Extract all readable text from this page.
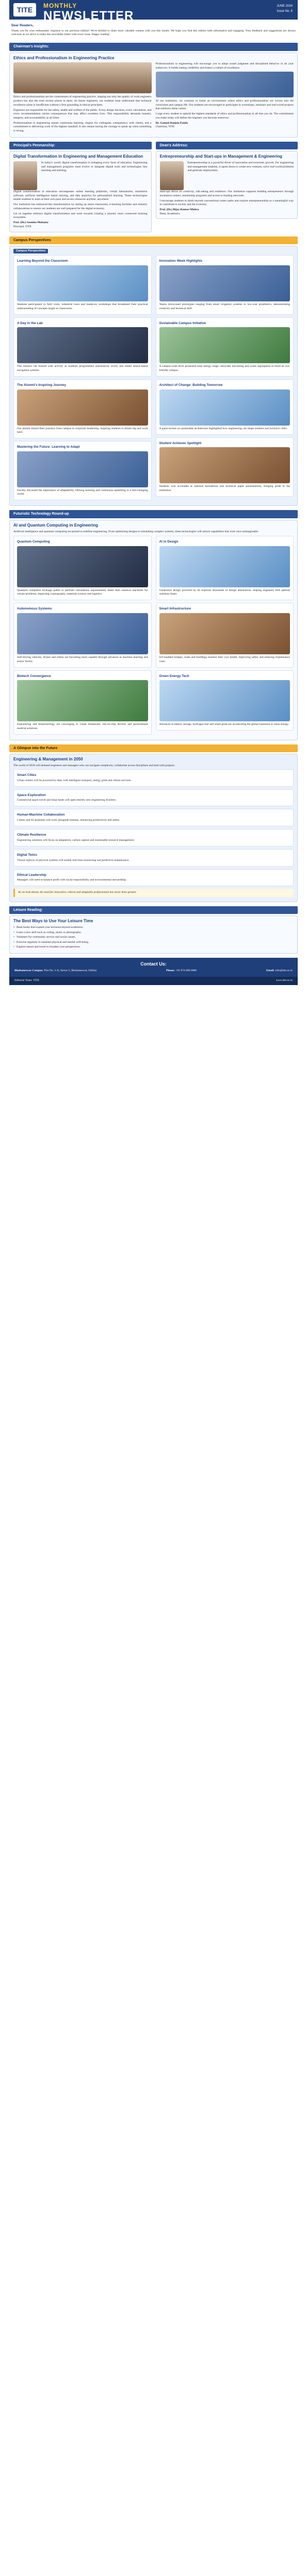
TITE	MONTHLY
NEWSLETTER
JUNE 2024
Issue No. 6
Dear Readers,

Thank you for your enthusiastic response to our previous edition! We're thrilled to share more valuable content with you this month. We hope you find this edition both informative and engaging. Your feedback and suggestions are always welcome as we strive to make this newsletter better with every issue. Happy reading!

Chairman's Insights:
Ethics and Professionalism in Engineering Practice

Ethics and professionalism are the cornerstones of engineering practice, shaping not only the quality of work engineers produce but also the trust society places in them. As future engineers, our students must understand that technical excellence alone is insufficient without a firm grounding in ethical principles.

Engineers are responsible for the safety, health and welfare of the public. Every design decision, every calculation, and every recommendation carries consequences that may affect countless lives. This responsibility demands honesty, integrity, and accountability at all times.

Professionalism in engineering means continuous learning, respect for colleagues, transparency with clients, and a commitment to delivering work of the highest standard. It also means having the courage to speak up when something is wrong.

Professionalism in engineering will encourage you to adopt sound judgment and disciplined behavior in all your endeavors. It builds lasting credibility and fosters a culture of excellence.

At our institution, we continue to foster an environment where ethics and professionalism are woven into the curriculum and campus life. Our students are encouraged to participate in workshops, seminars and real-world projects that reinforce these values.

I urge every student to uphold the highest standards of ethics and professionalism in all that you do. The commitment you make today will define the engineer you become tomorrow.

Dr. Ganesh Ranjan Panda
Chairman, TITE
Principal's Penmanship:
Digital Transformation in Engineering and Management Education

In today's world, digital transformation is reshaping every facet of education. Engineering and management programs must evolve to integrate digital tools and technologies into teaching and learning.

Digital transformation in education encompasses online learning platforms, virtual laboratories, simulation software, artificial intelligence based tutoring, and data analytics for personalized learning. These technologies enable students to learn at their own pace and access resources anytime, anywhere.

Our institution has embraced this transformation by setting up smart classrooms, e-learning facilities and industry collaborations to ensure our students are well prepared for the digital economy.

Let us together embrace digital transformation and work towards creating a smarter, more connected learning ecosystem.

Prof. (Dr.) Sasmita Mohanty
Principal, TITE
Dean's Address:
Entrepreneurship and Start-ups in Management & Engineering

Entrepreneurship is a powerful driver of innovation and economic growth. For engineering and management students, it opens doors to create new ventures, solve real-world problems and generate employment.

Start-ups thrive on creativity, risk-taking and resilience. Our institution supports budding entrepreneurs through incubation centers, mentorship programs and access to funding networks.

I encourage students to think beyond conventional career paths and explore entrepreneurship as a meaningful way to contribute to society and the economy.

Prof. (Dr.) Bijay Kumar Mishra
Dean, Academics
Campus Perspectives
Campus Perspectives
Learning Beyond the Classroom

Students participated in field visits, industrial tours and hands-on workshops that broadened their practical understanding of concepts taught in classrooms.

A Day in the Lab

The robotics lab buzzed with activity as students programmed autonomous rovers and tested sensor-based navigation systems.

The Alumni's Inspiring Journey

Our alumni shared their journeys from campus to corporate leadership, inspiring students to dream big and work hard.

Mastering the Future: Learning to Adapt

Faculty discussed the importance of adaptability, lifelong learning and continuous upskilling in a fast-changing world.

Innovation Week Highlights

Teams showcased prototypes ranging from smart irrigation systems to low-cost prosthetics, demonstrating creativity and technical skill.

Sustainable Campus Initiative

A campus-wide drive promoted solar energy usage, rainwater harvesting and waste segregation to build an eco-friendly campus.

Architect of Change: Building Tomorrow

A guest lecture on sustainable architecture highlighted how engineering can shape resilient and inclusive cities.

Student Achiever Spotlight

Students won accolades at national hackathons and technical paper presentations, bringing pride to the institution.

Futuristic Technology Round-up
AI and Quantum Computing in Engineering

Artificial intelligence and quantum computing are poised to redefine engineering. From optimizing designs to simulating complex systems, these technologies will unlock capabilities that were once unimaginable.

Quantum Computing

Quantum computers leverage qubits to perform calculations exponentially faster than classical machines for certain problems, impacting cryptography, materials science and logistics.

Autonomous Systems

Self-driving vehicles, drones and robots are becoming more capable through advances in machine learning and sensor fusion.

Biotech Convergence

Engineering and biotechnology are converging to create biosensors, lab-on-chip devices and personalized medical solutions.

AI in Design

Generative design powered by AI explores thousands of design alternatives, helping engineers find optimal solutions faster.

Smart Infrastructure

IoT-enabled bridges, roads and buildings monitor their own health, improving safety and reducing maintenance costs.

Green Energy Tech

Advances in battery storage, hydrogen fuel and smart grids are accelerating the global transition to clean energy.

A Glimpse into the Future
Engineering & Management in 2050

The world of 2050 will demand engineers and managers who can navigate complexity, collaborate across disciplines and lead with purpose.

Smart Cities

Urban centers will be powered by data, with intelligent transport, energy grids and citizen services.

Space Exploration

Commercial space travel and lunar bases will open entirely new engineering frontiers.

Human-Machine Collaboration

Cobots and AI assistants will work alongside humans, enhancing productivity and safety.

Climate Resilience

Engineering solutions will focus on adaptation, carbon capture and sustainable resource management.

Digital Twins

Virtual replicas of physical systems will enable real-time monitoring and predictive maintenance.

Ethical Leadership

Managers will need to balance profit with social responsibility and environmental stewardship.

As we look ahead, the need for innovative, ethical and adaptable professionals has never been greater.
Leisure Reading:
The Best Ways to Use Your Leisure Time
• Read books that expand your horizons beyond academics.
• Learn a new skill such as coding, music or photography.
• Volunteer for community service and social causes.
• Exercise regularly to maintain physical and mental well-being.
• Explore nature and travel to broaden your perspectives.
Contact Us:
Bhubaneswar Campus: Plot No. 1-A, Sector 5, Bhubaneswar, Odisha	Phone: +91 674 000 0000	Email: info@tite.ac.in
Editorial Team: TITE	www.tite.ac.in
